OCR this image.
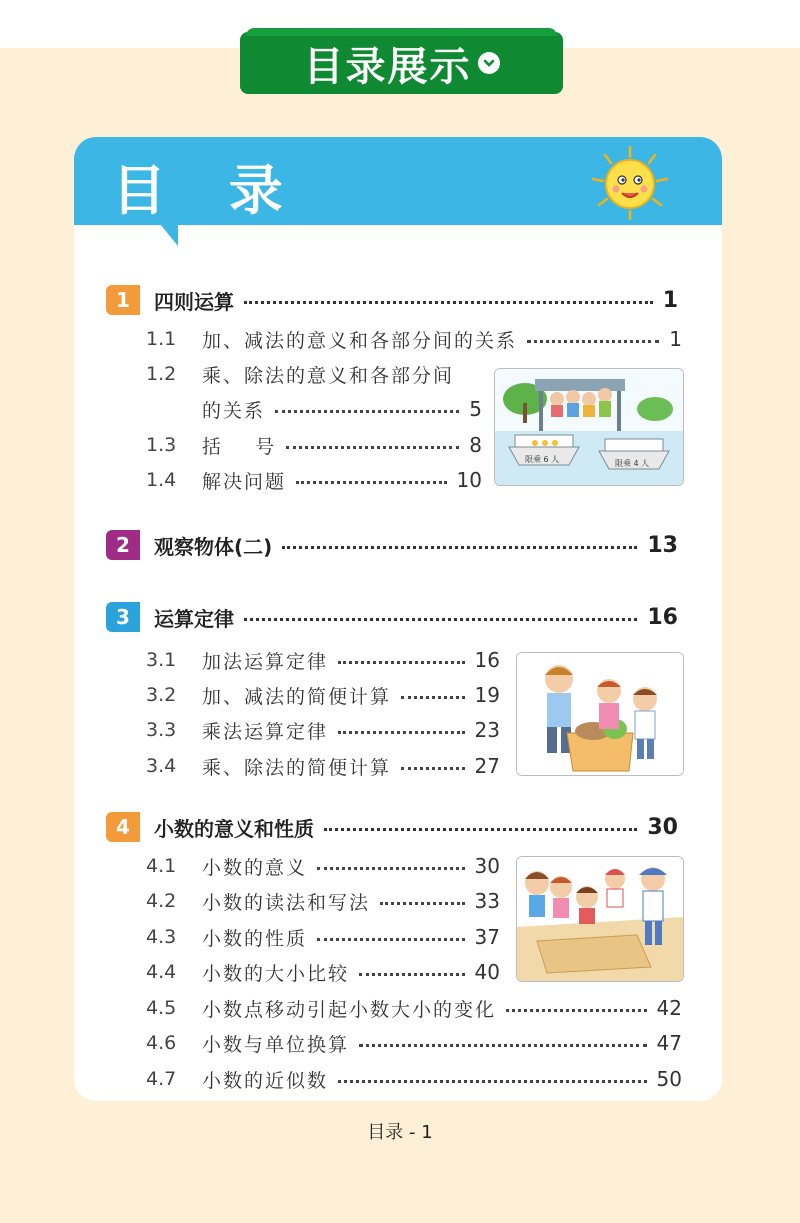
目录展示
目 录
1	四则运算	1
1.1	加、减法的意义和各部分间的关系	1
1.2	乘、除法的意义和各部分间
的关系	5
1.3	括    号	8
1.4	解决问题	10
限乘 6 人	限乘 4 人
2	观察物体(二)	13
3	运算定律	16
3.1	加法运算定律	16
3.2	加、减法的简便计算	19
3.3	乘法运算定律	23
3.4	乘、除法的简便计算	27
4	小数的意义和性质	30
4.1	小数的意义	30
4.2	小数的读法和写法	33
4.3	小数的性质	37
4.4	小数的大小比较	40
4.5	小数点移动引起小数大小的变化	42
4.6	小数与单位换算	47
4.7	小数的近似数	50
目录 - 1
